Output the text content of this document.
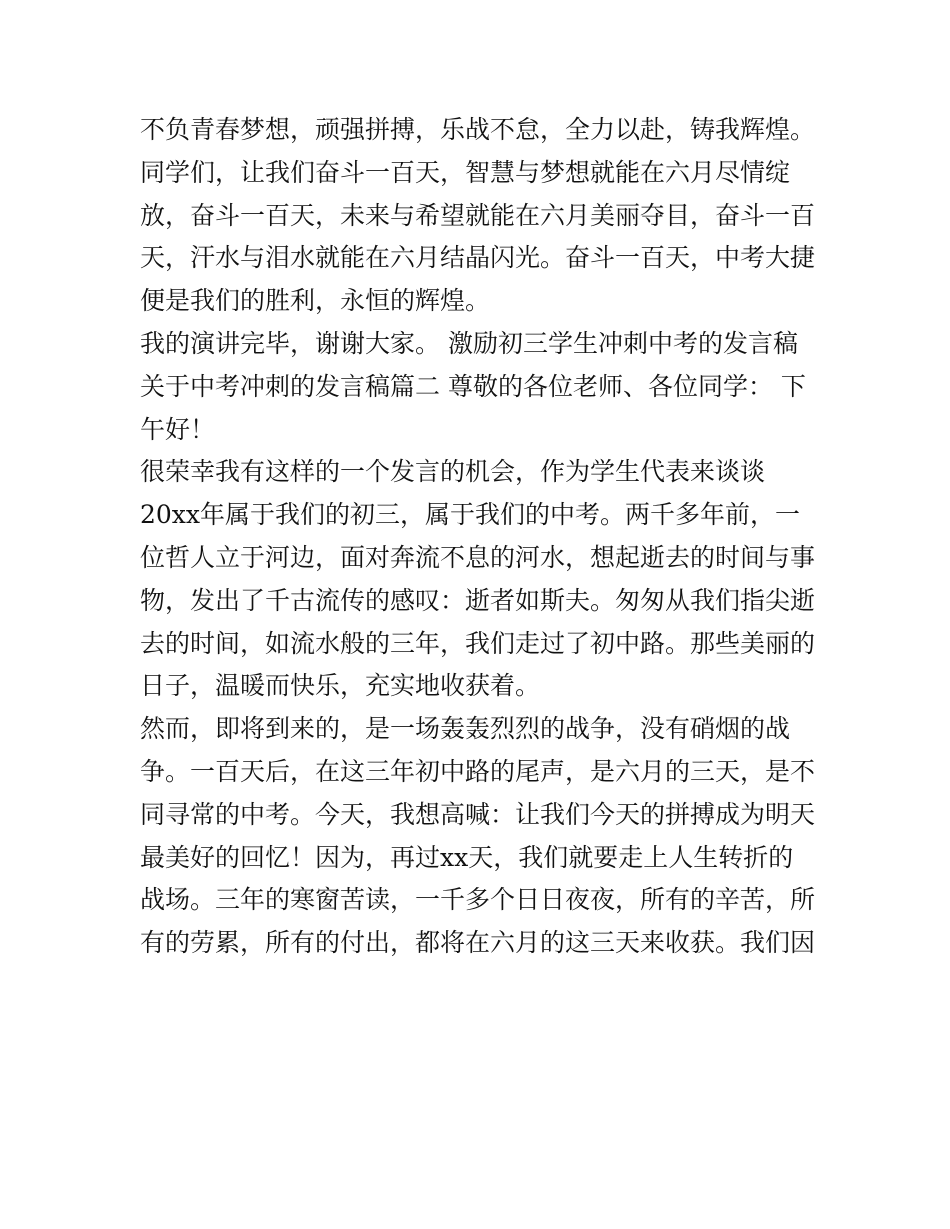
不负青春梦想，顽强拼搏，乐战不怠，全力以赴，铸我辉煌。
同学们，让我们奋斗一百天，智慧与梦想就能在六月尽情绽
放，奋斗一百天，未来与希望就能在六月美丽夺目，奋斗一百
天，汗水与泪水就能在六月结晶闪光。奋斗一百天，中考大捷
便是我们的胜利，永恒的辉煌。
我的演讲完毕，谢谢大家。 激励初三学生冲刺中考的发言稿
关于中考冲刺的发言稿篇二 尊敬的各位老师、各位同学： 下
午好！
很荣幸我有这样的一个发言的机会，作为学生代表来谈谈
20xx年属于我们的初三，属于我们的中考。两千多年前，一
位哲人立于河边，面对奔流不息的河水，想起逝去的时间与事
物，发出了千古流传的感叹：逝者如斯夫。匆匆从我们指尖逝
去的时间，如流水般的三年，我们走过了初中路。那些美丽的
日子，温暖而快乐，充实地收获着。
然而，即将到来的，是一场轰轰烈烈的战争，没有硝烟的战
争。一百天后，在这三年初中路的尾声，是六月的三天，是不
同寻常的中考。今天，我想高喊：让我们今天的拼搏成为明天
最美好的回忆！因为，再过xx天，我们就要走上人生转折的
战场。三年的寒窗苦读，一千多个日日夜夜，所有的辛苦，所
有的劳累，所有的付出，都将在六月的这三天来收获。我们因
